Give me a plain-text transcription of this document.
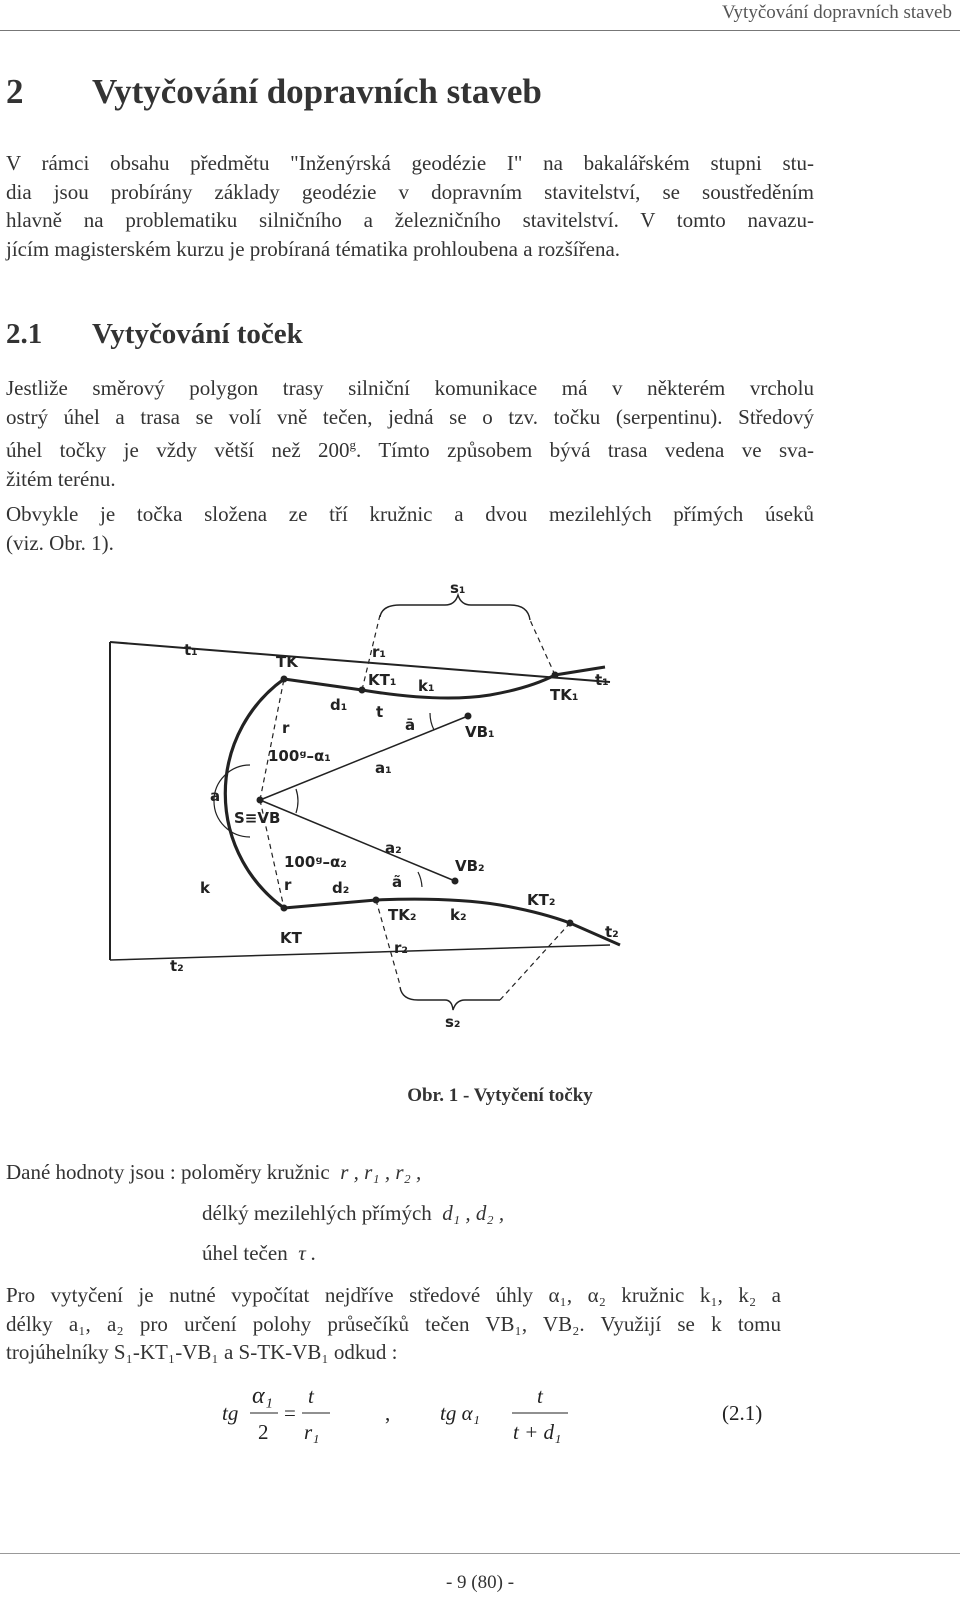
Vytyčování dopravních staveb
2 Vytyčování dopravních staveb
V rámci obsahu předmětu "Inženýrská geodézie I" na bakalářském stupni stu-
dia jsou probírány základy geodézie v dopravním stavitelství, se soustředěním
hlavně na problematiku silničního a železničního stavitelství. V tomto navazu-
jícím magisterském kurzu je probíraná tématika prohloubena a rozšířena.
2.1 Vytyčování toček
Jestliže směrový polygon trasy silniční komunikace má v některém vrcholu
ostrý úhel a trasa se volí vně tečen, jedná se o tzv. točku (serpentinu). Středový
úhel točky je vždy větší než 200$^g$. Tímto způsobem bývá trasa vedena ve sva-
žitém terénu.
Obvykle je točka složena ze tří kružnic a dvou mezilehlých přímých úseků
(viz. Obr. 1).
s₁
t₁	r₁
TK
KT₁ k₁	TK₁
t₁
d₁ t
ā	VB₁
r
100ᵍ–α₁
a₁
a
S≡VB
a₂
100ᵍ–α₂	VB₂
k	r	d₂	ã
TK₂ k₂
KT₂
t₂
KT
r₂
t₂
s₂
Obr. 1 - Vytyčení točky
Dané hodnoty jsou : poloměry kružnic r , r₁ , r₂ ,
délký mezilehlých přímých d₁ , d₂ ,
úhel tečen τ .
Pro vytyčení je nutné vypočítat nejdříve středové úhly α₁, α₂ kružnic k₁, k₂ a
délky a₁, a₂ pro určení polohy průsečíků tečen VB₁, VB₂. Využijí se k tomu
trojúhelníky S₁-KT₁-VB₁ a S-TK-VB₁ odkud :
tg
α₁
2
=
t
r₁
, tg α₁
t
t + d₁
(2.1)
- 9 (80) -
